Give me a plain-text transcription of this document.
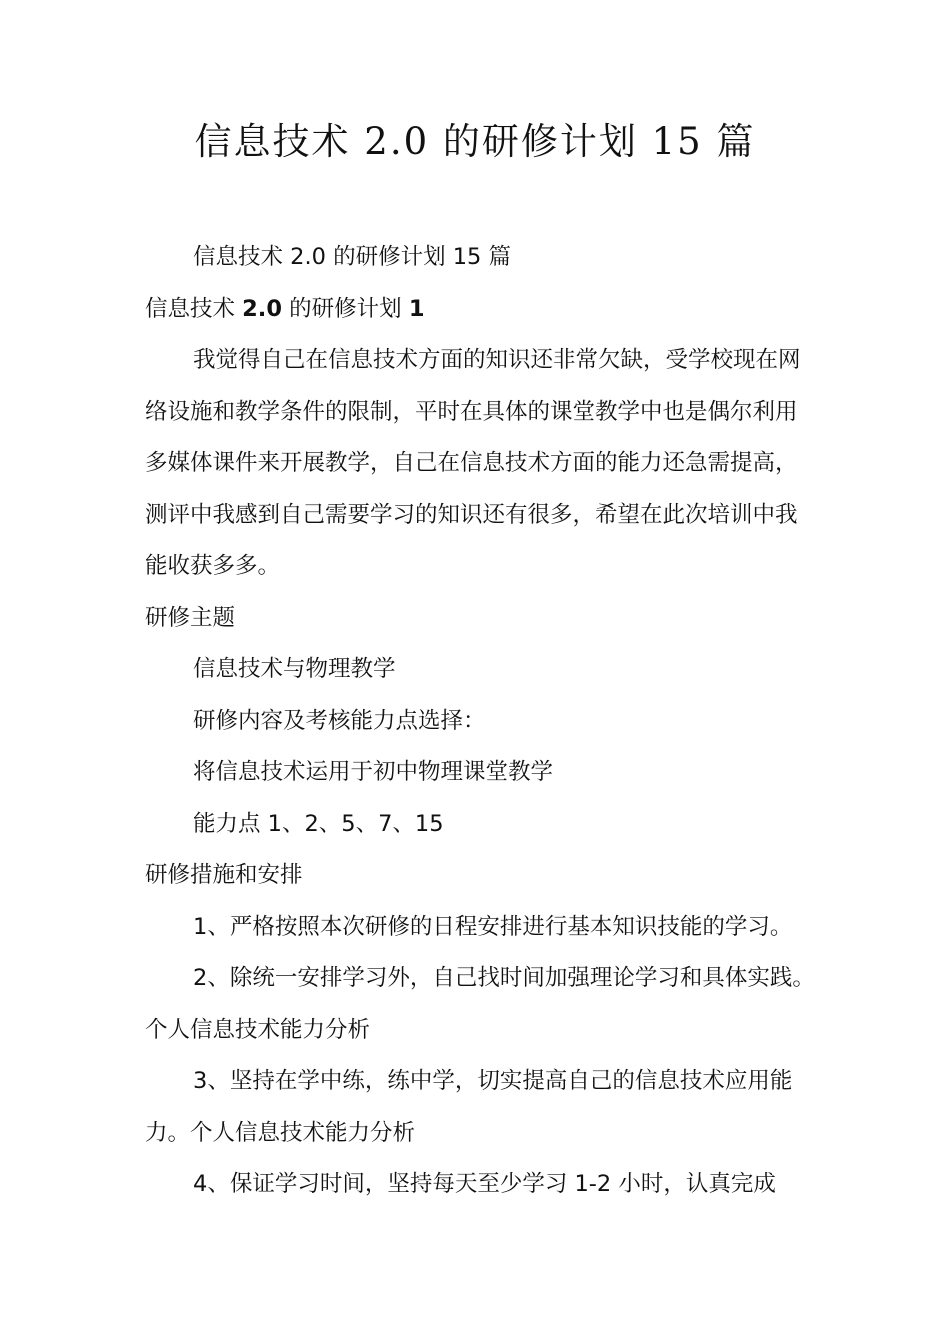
信息技术 2.0 的研修计划 15 篇

信息技术 2.0 的研修计划 15 篇

信息技术 2.0 的研修计划 1

我觉得自己在信息技术方面的知识还非常欠缺，受学校现在网络设施和教学条件的限制，平时在具体的课堂教学中也是偶尔利用多媒体课件来开展教学，自己在信息技术方面的能力还急需提高，测评中我感到自己需要学习的知识还有很多，希望在此次培训中我能收获多多。

研修主题

信息技术与物理教学

研修内容及考核能力点选择：

将信息技术运用于初中物理课堂教学

能力点 1、2、5、7、15

研修措施和安排

1、严格按照本次研修的日程安排进行基本知识技能的学习。

2、除统一安排学习外，自己找时间加强理论学习和具体实践。个人信息技术能力分析

3、坚持在学中练，练中学，切实提高自己的信息技术应用能力。个人信息技术能力分析

4、保证学习时间，坚持每天至少学习 1-2 小时，认真完成
